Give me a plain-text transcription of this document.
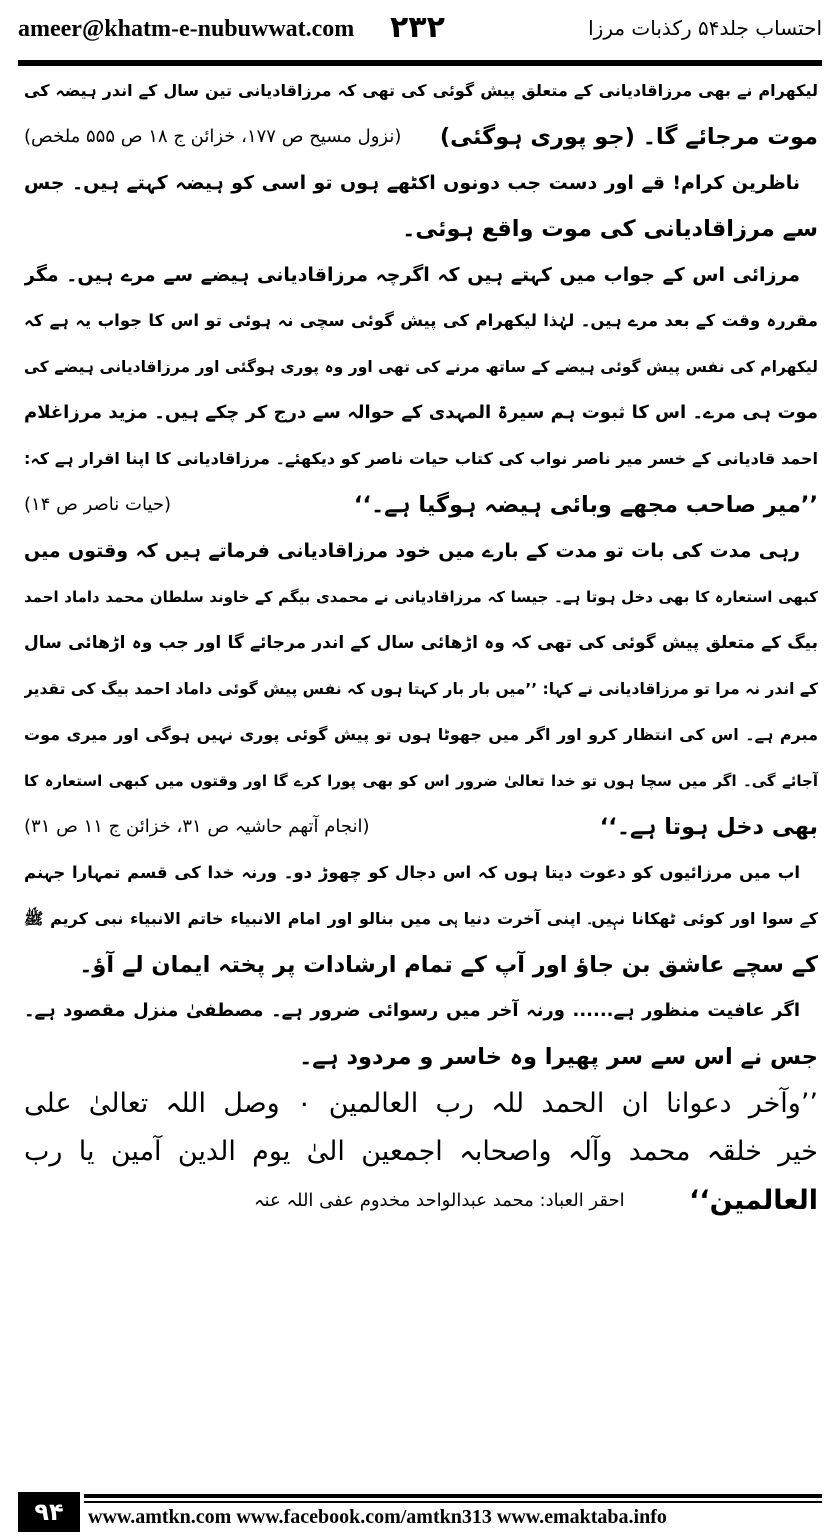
ameer@khatm-e-nubuwwat.com ۲۳۲	احتساب جلد۵۴ رکذبات مرزا
لیکھرام نے بھی مرزاقادیانی کے متعلق پیش گوئی کی تھی کہ مرزاقادیانی تین سال کے اندر ہیضہ کی
موت مرجائے گا۔ (جو پوری ہوگئی)
(نزول مسیح ص ۱۷۷، خزائن ج ۱۸ ص ۵۵۵ ملخص)
ناظرین کرام! قے اور دست جب دونوں اکٹھے ہوں تو اسی کو ہیضہ کہتے ہیں۔ جس
سے مرزاقادیانی کی موت واقع ہوئی۔
مرزائی اس کے جواب میں کہتے ہیں کہ اگرچہ مرزاقادیانی ہیضے سے مرے ہیں۔ مگر
مقررہ وقت کے بعد مرے ہیں۔ لہٰذا لیکھرام کی پیش گوئی سچی نہ ہوئی تو اس کا جواب یہ ہے کہ
لیکھرام کی نفس پیش گوئی ہیضے کے ساتھ مرنے کی تھی اور وہ پوری ہوگئی اور مرزاقادیانی ہیضے کی
موت ہی مرے۔ اس کا ثبوت ہم سیرۃ المہدی کے حوالہ سے درج کر چکے ہیں۔ مزید مرزاغلام
احمد قادیانی کے خسر میر ناصر نواب کی کتاب حیات ناصر کو دیکھئے۔ مرزاقادیانی کا اپنا اقرار ہے کہ:
’’میر صاحب مجھے وبائی ہیضہ ہوگیا ہے۔‘‘
(حیات ناصر ص ۱۴)
رہی مدت کی بات تو مدت کے بارے میں خود مرزاقادیانی فرماتے ہیں کہ وقتوں میں
کبھی استعارہ کا بھی دخل ہوتا ہے۔ جیسا کہ مرزاقادیانی نے محمدی بیگم کے خاوند سلطان محمد داماد احمد
بیگ کے متعلق پیش گوئی کی تھی کہ وہ اڑھائی سال کے اندر مرجائے گا اور جب وہ اڑھائی سال
کے اندر نہ مرا تو مرزاقادیانی نے کہا: ’’میں بار بار کہتا ہوں کہ نفس پیش گوئی داماد احمد بیگ کی تقدیر
مبرم ہے۔ اس کی انتظار کرو اور اگر میں جھوٹا ہوں تو پیش گوئی پوری نہیں ہوگی اور میری موت
آجائے گی۔ اگر میں سچا ہوں تو خدا تعالیٰ ضرور اس کو بھی پورا کرے گا اور وقتوں میں کبھی استعارہ کا
بھی دخل ہوتا ہے۔‘‘
(انجام آتھم حاشیہ ص ۳۱، خزائن ج ۱۱ ص ۳۱)
اب میں مرزائیوں کو دعوت دیتا ہوں کہ اس دجال کو چھوڑ دو۔ ورنہ خدا کی قسم تمہارا جہنم
کے سوا اور کوئی ٹھکانا نہیں۔ اپنی آخرت دنیا ہی میں بنالو اور امام الانبیاء خاتم الانبیاء نبی کریم ﷺ
کے سچے عاشق بن جاؤ اور آپ کے تمام ارشادات پر پختہ ایمان لے آؤ۔
اگر عافیت منظور ہے...... ورنہ آخر میں رسوائی ضرور ہے۔ مصطفیٰ منزل مقصود ہے۔
جس نے اس سے سر پھیرا وہ خاسر و مردود ہے۔
’’وآخر دعوانا ان الحمد للہ رب العالمین ۰ وصل اللہ تعالیٰ علی
خیر خلقہ محمد وآلہ واصحابہ اجمعین الیٰ یوم الدین آمین یا رب
العالمین‘‘
احقر العباد: محمد عبدالواحد مخدوم عفی اللہ عنہ
۹۴	www.amtkn.com www.facebook.com/amtkn313 www.emaktaba.info
